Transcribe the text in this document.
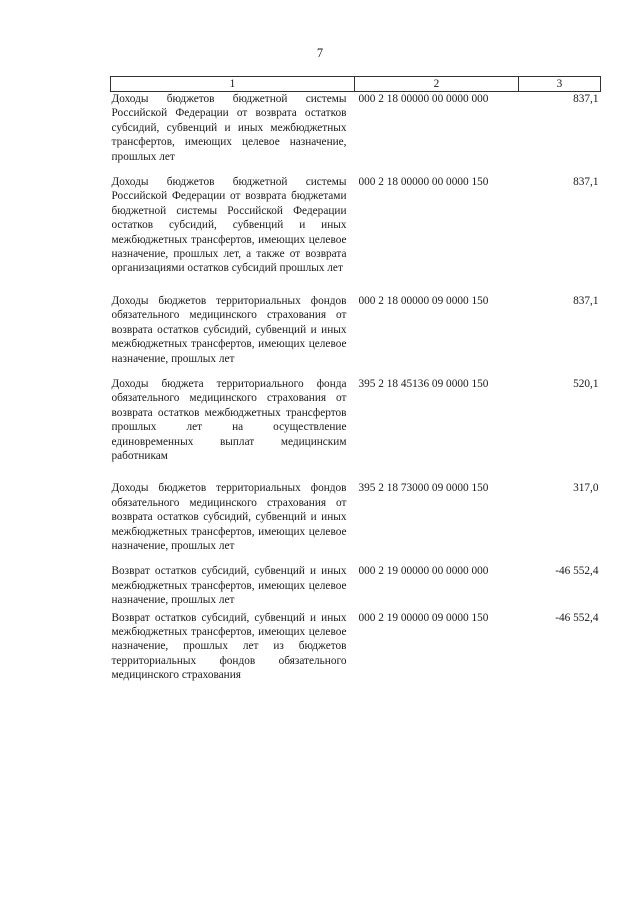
7
1	2	3
Доходы бюджетов бюджетной системы Российской Федерации от возврата остатков субсидий, субвенций и иных межбюджетных трансфертов, имеющих целевое назначение, прошлых лет	000 2 18 00000 00 0000 000	837,1
Доходы бюджетов бюджетной системы Российской Федерации от возврата бюджетами бюджетной системы Российской Федерации остатков субсидий, субвенций и иных межбюджетных трансфертов, имеющих целевое назначение, прошлых лет, а также от возврата организациями остатков субсидий прошлых лет	000 2 18 00000 00 0000 150	837,1
Доходы бюджетов территориальных фондов обязательного медицинского страхования от возврата остатков субсидий, субвенций и иных межбюджетных трансфертов, имеющих целевое назначение, прошлых лет	000 2 18 00000 09 0000 150	837,1
Доходы бюджета территориального фонда обязательного медицинского страхования от возврата остатков межбюджетных трансфертов прошлых лет на осуществление единовременных выплат медицинским работникам	395 2 18 45136 09 0000 150	520,1
Доходы бюджетов территориальных фондов обязательного медицинского страхования от возврата остатков субсидий, субвенций и иных межбюджетных трансфертов, имеющих целевое назначение, прошлых лет	395 2 18 73000 09 0000 150	317,0
Возврат остатков субсидий, субвенций и иных межбюджетных трансфертов, имеющих целевое назначение, прошлых лет	000 2 19 00000 00 0000 000	-46 552,4
Возврат остатков субсидий, субвенций и иных межбюджетных трансфертов, имеющих целевое назначение, прошлых лет из бюджетов территориальных фондов обязательного медицинского страхования	000 2 19 00000 09 0000 150	-46 552,4
